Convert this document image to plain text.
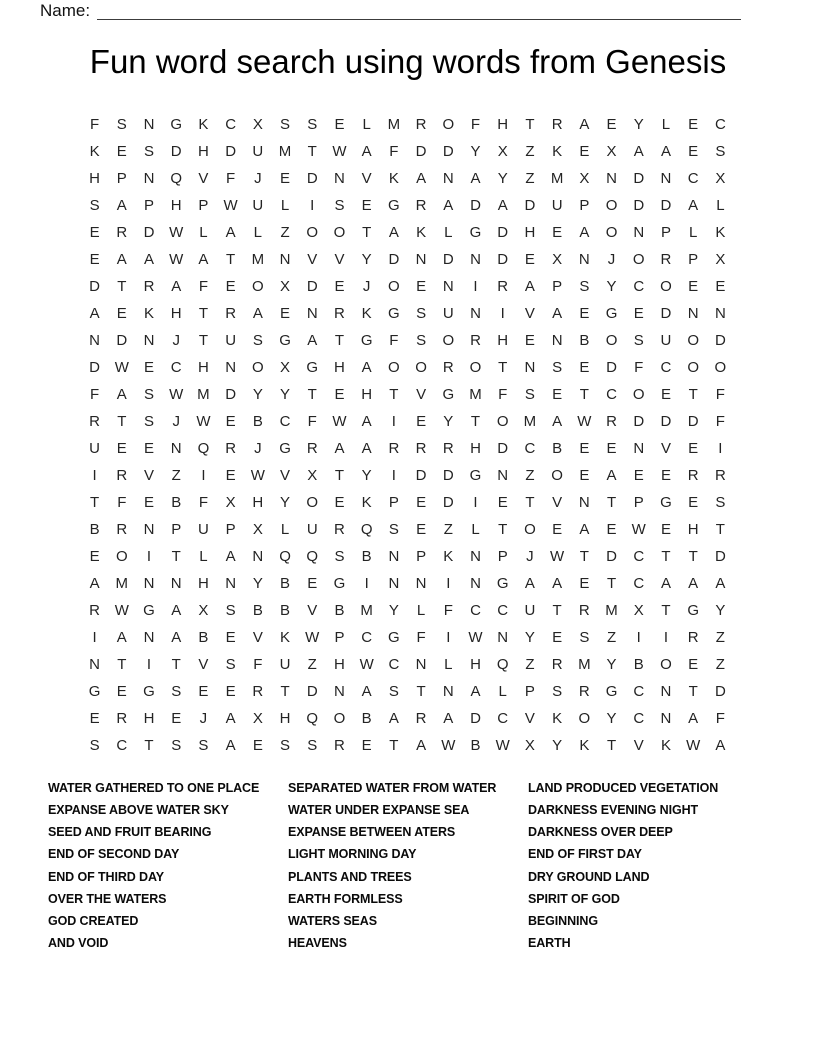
Name:
Fun word search using words from Genesis
F	S	N	G	K	C	X	S	S	E	L	M	R	O	F	H	T	R	A	E	Y	L	E	C
K	E	S	D	H	D	U	M	T	W	A	F	D	D	Y	X	Z	K	E	X	A	A	E	S
H	P	N	Q	V	F	J	E	D	N	V	K	A	N	A	Y	Z	M	X	N	D	N	C	X
S	A	P	H	P	W U	L	I	S	E	G	R	A	D	A	D	U	P	O	D	D	A	L
E	R	D W	L	A	L	Z	O	O	T	A	K	L	G	D	H	E	A	O	N	P	L	K
E	A	A	W	A	T	M	N	V	V	Y	D	N	D	N	D	E	X	N	J	O	R	P	X
D	T	R	A	F	E	O	X	D	E	J	O	E	N	I	R	A	P	S	Y	C	O	E	E
A	E	K	H	T	R	A	E	N	R	K	G	S	U	N	I	V	A	E	G	E	D	N	N
N	D	N	J	T	U	S	G	A	T	G	F	S	O	R	H	E	N	B	O	S	U	O	D
D W	E	C	H	N	O	X	G	H	A	O	O	R	O	T	N	S	E	D	F	C	O	O
F	A	S	W M	D	Y	Y	T	E	H	T	V	G	M	F	S	E	T	C	O	E	T	F
R	T	S	J	W	E	B	C	F	W	A	I	E	Y	T	O	M	A	W R	D	D	D	F
U	E	E	N	Q	R	J	G	R	A	A	R	R	R	H	D	C	B	E	E	N	V	E	I
I	R	V	Z	I	E	W	V	X	T	Y	I	D	D	G	N	Z	O	E	A	E	E	R	R
T	F	E	B	F	X	H	Y	O	E	K	P	E	D	I	E	T	V	N	T	P	G	E	S
B	R	N	P	U	P	X	L	U	R	Q	S	E	Z	L	T	O	E	A	E	W	E	H	T
E	O	I	T	L	A	N	Q	Q	S	B	N	P	K	N	P	J	W	T	D	C	T	T	D
A	M	N	N	H	N	Y	B	E	G	I	N	N	I	N	G	A	A	E	T	C	A	A	A
R W G	A	X	S	B	B	V	B	M	Y	L	F	C	C	U	T	R	M	X	T	G	Y
I	A	N	A	B	E	V	K	W	P	C	G	F	I	W N	Y	E	S	Z	I	I	R	Z
N	T	I	T	V	S	F	U	Z	H W C	N	L	H	Q	Z	R	M	Y	B	O	E	Z
G	E	G	S	E	E	R	T	D	N	A	S	T	N	A	L	P	S	R	G	C	N	T	D
E	R	H	E	J	A	X	H	Q	O	B	A	R	A	D	C	V	K	O	Y	C	N	A	F
S	C	T	S	S	A	E	S	S	R	E	T	A	W	B	W	X	Y	K	T	V	K	W	A
WATER GATHERED TO ONE PLACE
EXPANSE ABOVE WATER SKY
SEED AND FRUIT BEARING
END OF SECOND DAY
END OF THIRD DAY
OVER THE WATERS
GOD CREATED
AND VOID
SEPARATED WATER FROM WATER
WATER UNDER EXPANSE SEA
EXPANSE BETWEEN ATERS
LIGHT MORNING DAY
PLANTS AND TREES
EARTH FORMLESS
WATERS SEAS
HEAVENS
LAND PRODUCED VEGETATION
DARKNESS EVENING NIGHT
DARKNESS OVER DEEP
END OF FIRST DAY
DRY GROUND LAND
SPIRIT OF GOD
BEGINNING
EARTH
